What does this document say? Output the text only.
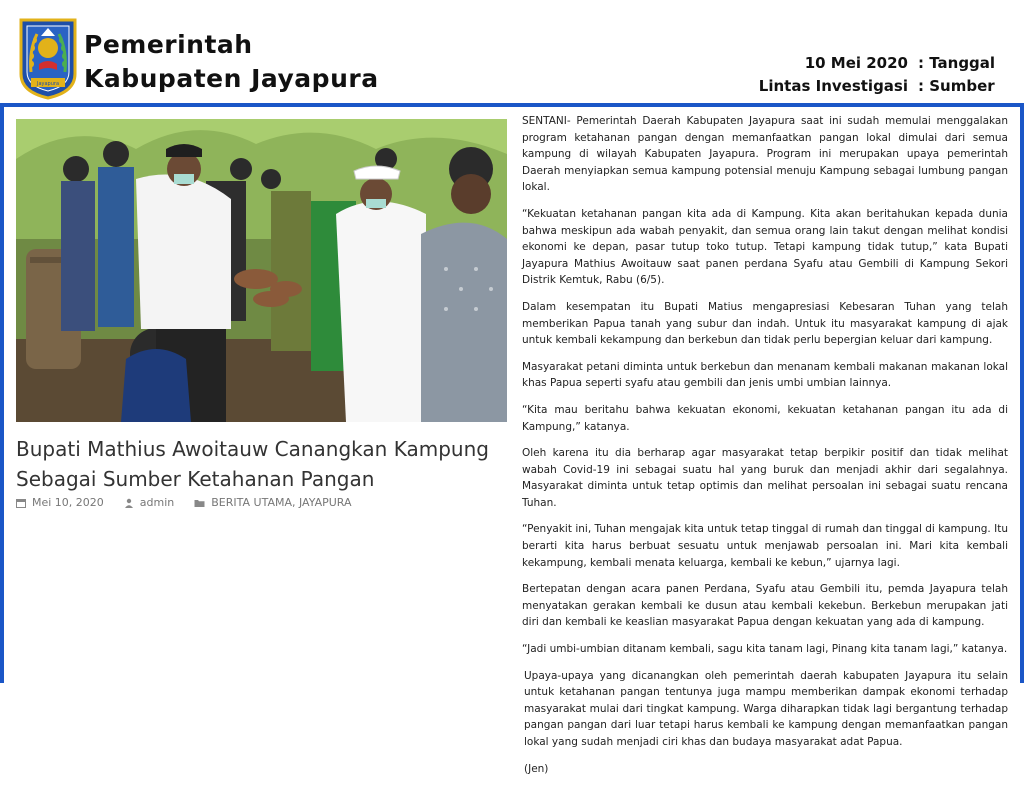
Jayapura
Pemerintah
Kabupaten Jayapura
10 Mei 2020 : Tanggal
Lintas Investigasi : Sumber
Bupati Mathius Awoitauw Canangkan Kampung Sebagai Sumber Ketahanan Pangan
Mei 10, 2020	admin	BERITA UTAMA, JAYAPURA

SENTANI- Pemerintah Daerah Kabupaten Jayapura saat ini sudah memulai menggalakan program ketahanan pangan dengan memanfaatkan pangan lokal dimulai dari semua kampung di wilayah Kabupaten Jayapura. Program ini merupakan upaya pemerintah Daerah menyiapkan semua kampung potensial menuju Kampung sebagai lumbung pangan lokal.

“Kekuatan ketahanan pangan kita ada di Kampung. Kita akan beritahukan kepada dunia bahwa meskipun ada wabah penyakit, dan semua orang lain takut dengan melihat kondisi ekonomi ke depan, pasar tutup toko tutup. Tetapi kampung tidak tutup,” kata Bupati Jayapura Mathius Awoitauw saat panen perdana Syafu atau Gembili di Kampung Sekori Distrik Kemtuk, Rabu (6/5).

Dalam kesempatan itu Bupati Matius mengapresiasi Kebesaran Tuhan yang telah memberikan Papua tanah yang subur dan indah. Untuk itu masyarakat kampung di ajak untuk kembali kekampung dan berkebun dan tidak perlu bepergian keluar dari kampung.

Masyarakat petani diminta untuk berkebun dan menanam kembali makanan makanan lokal khas Papua seperti syafu atau gembili dan jenis umbi umbian lainnya.

“Kita mau beritahu bahwa kekuatan ekonomi, kekuatan ketahanan pangan itu ada di Kampung,” katanya.

Oleh karena itu dia berharap agar masyarakat tetap berpikir positif dan tidak melihat wabah Covid-19 ini sebagai suatu hal yang buruk dan menjadi akhir dari segalahnya. Masyarakat diminta untuk tetap optimis dan melihat persoalan ini sebagai suatu rencana Tuhan.

“Penyakit ini, Tuhan mengajak kita untuk tetap tinggal di rumah dan tinggal di kampung. Itu berarti kita harus berbuat sesuatu untuk menjawab persoalan ini. Mari kita kembali kekampung, kembali menata keluarga, kembali ke kebun,” ujarnya lagi.

Bertepatan dengan acara panen Perdana, Syafu atau Gembili itu, pemda Jayapura telah menyatakan gerakan kembali ke dusun atau kembali kekebun. Berkebun merupakan jati diri dan kembali ke keaslian masyarakat Papua dengan kekuatan yang ada di kampung.

“Jadi umbi-umbian ditanam kembali, sagu kita tanam lagi, Pinang kita tanam lagi,” katanya.

Upaya-upaya yang dicanangkan oleh pemerintah daerah kabupaten Jayapura itu selain untuk ketahanan pangan tentunya juga mampu memberikan dampak ekonomi terhadap masyarakat mulai dari tingkat kampung. Warga diharapkan tidak lagi bergantung terhadap pangan pangan dari luar tetapi harus kembali ke kampung dengan memanfaatkan pangan lokal yang sudah menjadi ciri khas dan budaya masyarakat adat Papua.

(Jen)
